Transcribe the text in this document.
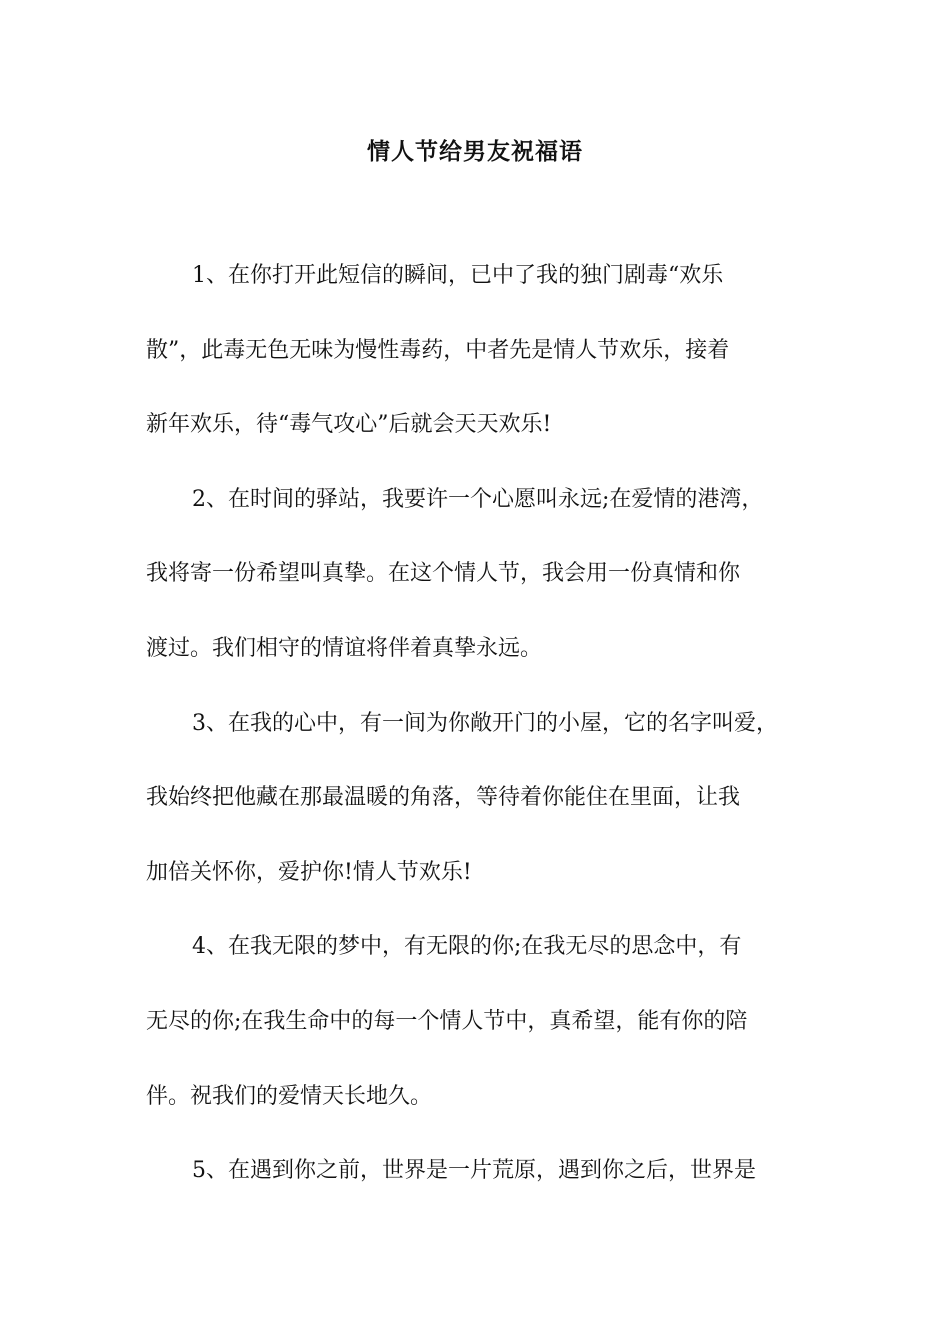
情人节给男友祝福语
1、在你打开此短信的瞬间，已中了我的独门剧毒“欢乐
散”，此毒无色无味为慢性毒药，中者先是情人节欢乐，接着
新年欢乐，待“毒气攻心”后就会天天欢乐!
2、在时间的驿站，我要许一个心愿叫永远;在爱情的港湾，
我将寄一份希望叫真挚。在这个情人节，我会用一份真情和你
渡过。我们相守的情谊将伴着真挚永远。
3、在我的心中，有一间为你敞开门的小屋，它的名字叫爱，
我始终把他藏在那最温暖的角落，等待着你能住在里面，让我
加倍关怀你，爱护你!情人节欢乐!
4、在我无限的梦中，有无限的你;在我无尽的思念中，有
无尽的你;在我生命中的每一个情人节中，真希望，能有你的陪
伴。祝我们的爱情天长地久。
5、在遇到你之前，世界是一片荒原，遇到你之后，世界是
